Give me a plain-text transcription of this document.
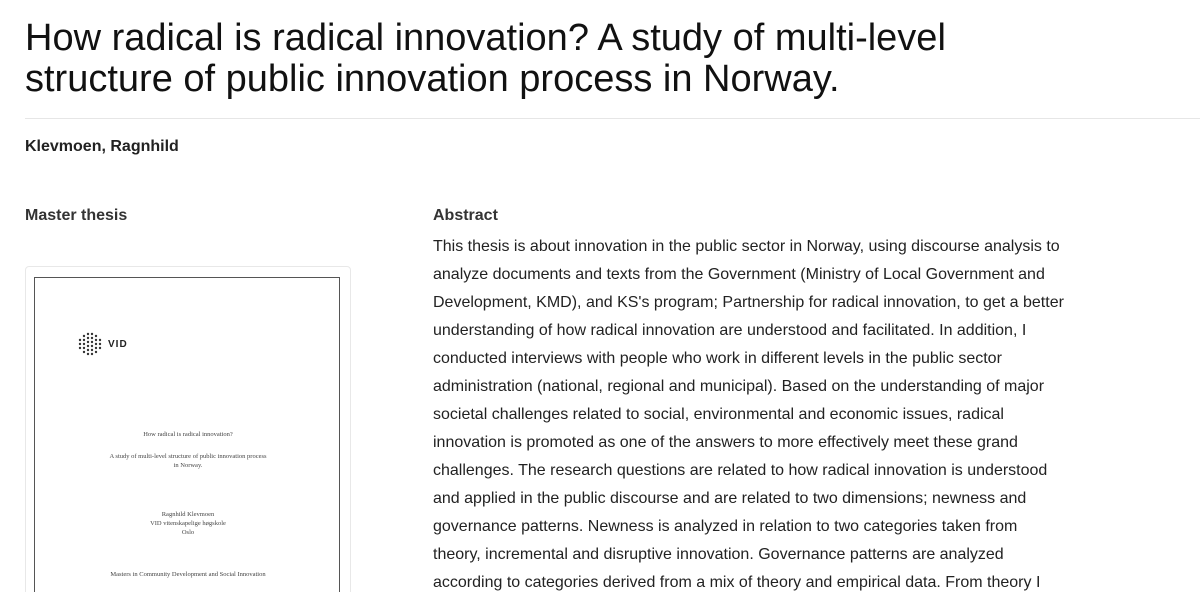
How radical is radical innovation? A study of multi-level
structure of public innovation process in Norway.
Klevmoen, Ragnhild
Master thesis
VID
How radical is radical innovation?
A study of multi-level structure of public innovation process
in Norway.
Ragnhild Klevmoen
VID vitenskapelige høgskole
Oslo
Masters in Community Development and Social Innovation
Abstract
This thesis is about innovation in the public sector in Norway, using discourse analysis to
analyze documents and texts from the Government (Ministry of Local Government and
Development, KMD), and KS's program; Partnership for radical innovation, to get a better
understanding of how radical innovation are understood and facilitated. In addition, I
conducted interviews with people who work in different levels in the public sector
administration (national, regional and municipal). Based on the understanding of major
societal challenges related to social, environmental and economic issues, radical
innovation is promoted as one of the answers to more effectively meet these grand
challenges. The research questions are related to how radical innovation is understood
and applied in the public discourse and are related to two dimensions; newness and
governance patterns. Newness is analyzed in relation to two categories taken from
theory, incremental and disruptive innovation. Governance patterns are analyzed
according to categories derived from a mix of theory and empirical data. From theory I
